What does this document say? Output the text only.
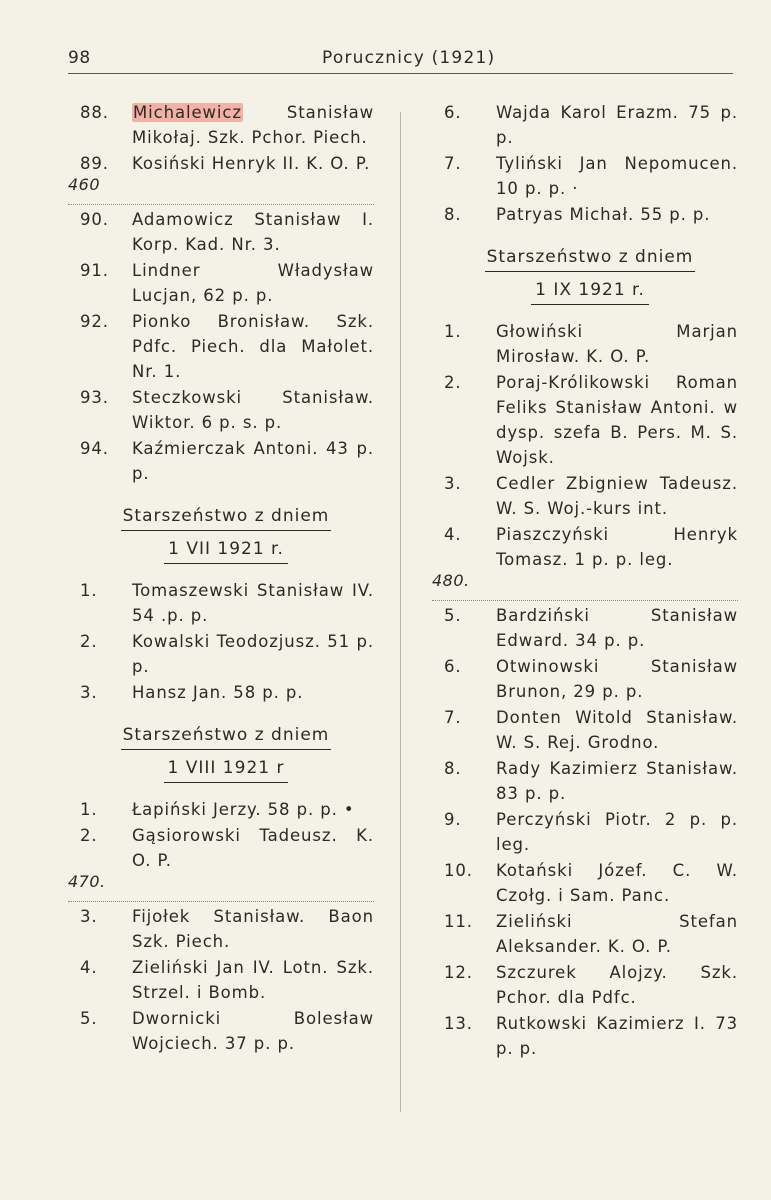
98	Porucznicy (1921)
88.	Michalewicz Stanisław Mikołaj. Szk. Pchor. Piech.
89.	Kosiński Henryk II. K. O. P.
460
90.	Adamowicz Stanisław I. Korp. Kad. Nr. 3.
91.	Lindner Władysław Lucjan, 62 p. p.
92.	Pionko Bronisław. Szk. Pdfc. Piech. dla Małolet. Nr. 1.
93.	Steczkowski Stanisław. Wiktor. 6 p. s. p.
94.	Kaźmierczak Antoni. 43 p. p.
Starszeństwo z dniem
1 VII 1921 r.
1.	Tomaszewski Stanisław IV. 54 .p. p.
2.	Kowalski Teodozjusz. 51 p. p.
3.	Hansz Jan. 58 p. p.
Starszeństwo z dniem
1 VIII 1921 r
1.	Łapiński Jerzy. 58 p. p. •
2.	Gąsiorowski Tadeusz. K. O. P.
470.
3.	Fijołek Stanisław. Baon Szk. Piech.
4.	Zieliński Jan IV. Lotn. Szk. Strzel. i Bomb.
5.	Dwornicki Bolesław Wojciech. 37 p. p.
6.	Wajda Karol Erazm. 75 p. p.
7.	Tyliński Jan Nepomucen. 10 p. p. ·
8.	Patryas Michał. 55 p. p.
Starszeństwo z dniem
1 IX 1921 r.
1.	Głowiński Marjan Mirosław. K. O. P.
2.	Poraj-Królikowski Roman Feliks Stanisław Antoni. w dysp. szefa B. Pers. M. S. Wojsk.
3.	Cedler Zbigniew Tadeusz. W. S. Woj.-kurs int.
4.	Piaszczyński Henryk Tomasz. 1 p. p. leg.
480.
5.	Bardziński Stanisław Edward. 34 p. p.
6.	Otwinowski Stanisław Brunon, 29 p. p.
7.	Donten Witold Stanisław. W. S. Rej. Grodno.
8.	Rady Kazimierz Stanisław. 83 p. p.
9.	Perczyński Piotr. 2 p. p. leg.
10.	Kotański Józef. C. W. Czołg. i Sam. Panc.
11.	Zieliński Stefan Aleksander. K. O. P.
12.	Szczurek Alojzy. Szk. Pchor. dla Pdfc.
13.	Rutkowski Kazimierz I. 73 p. p.
